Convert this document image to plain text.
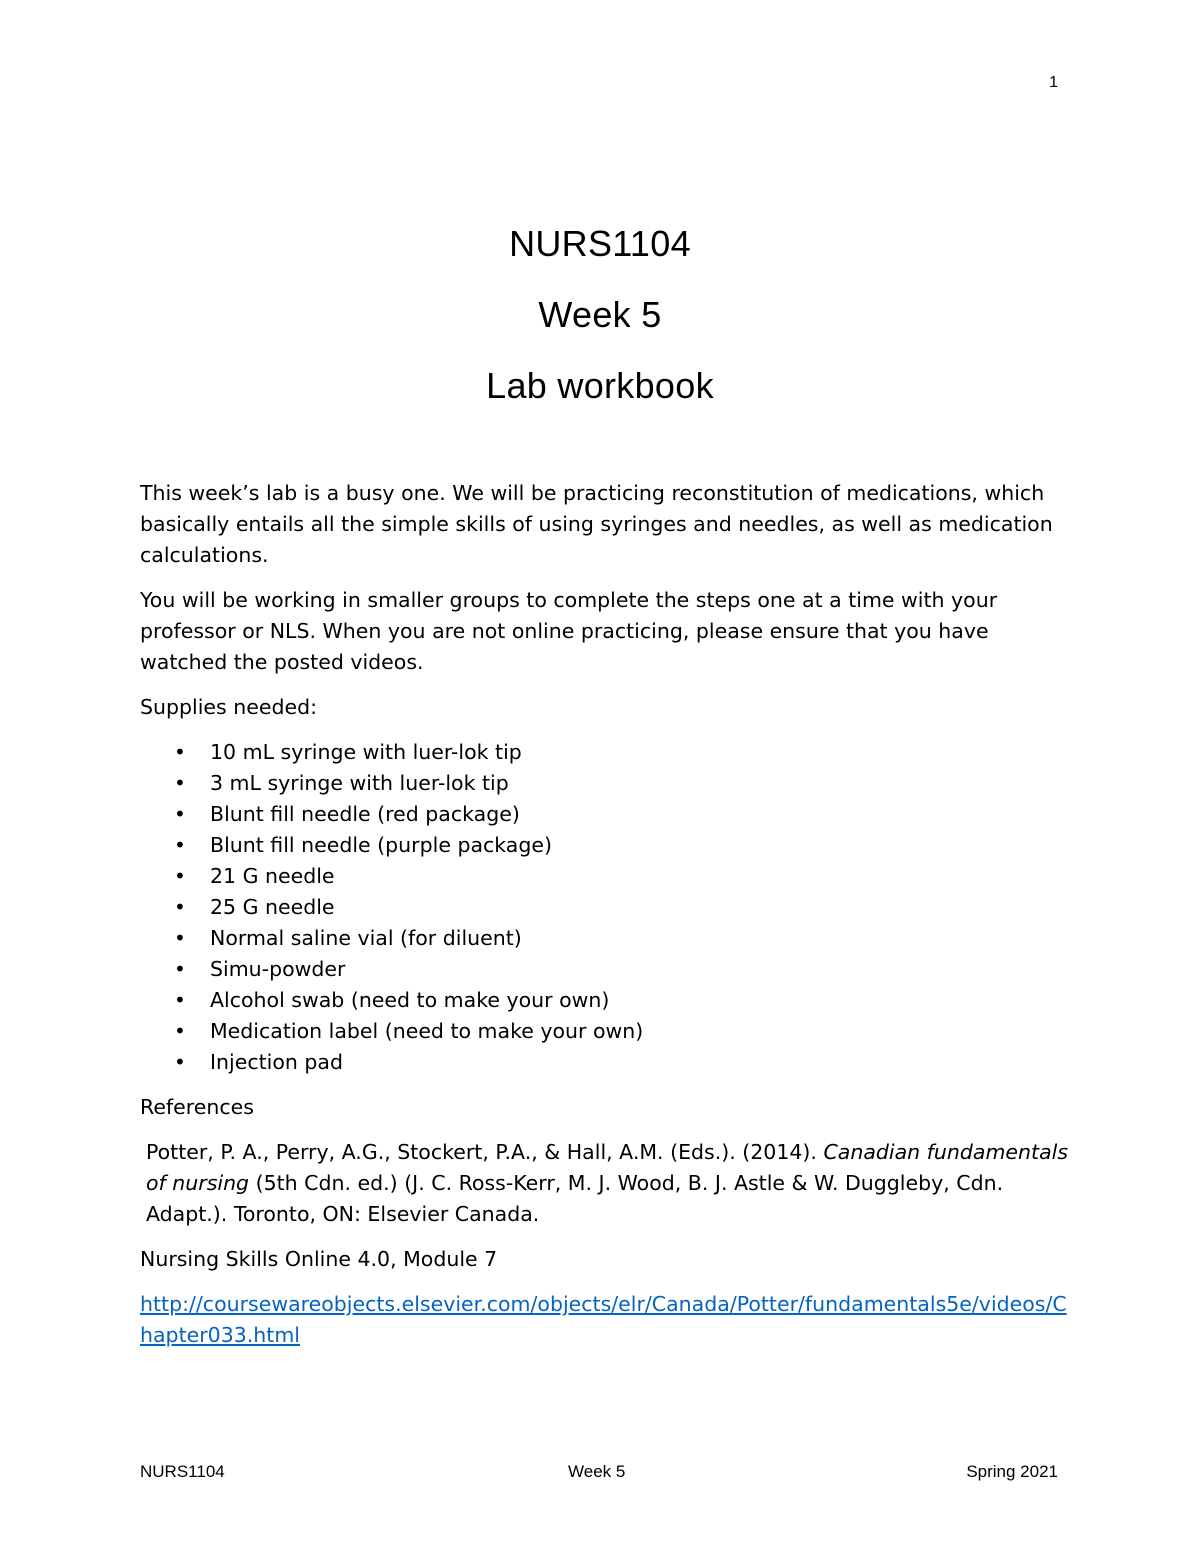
1
NURS1104
Week 5
Lab workbook

This week’s lab is a busy one. We will be practicing reconstitution of medications, which basically entails all the simple skills of using syringes and needles, as well as medication calculations.

You will be working in smaller groups to complete the steps one at a time with your professor or NLS. When you are not online practicing, please ensure that you have watched the posted videos.

Supplies needed:

• 10 mL syringe with luer-lok tip
• 3 mL syringe with luer-lok tip
• Blunt fill needle (red package)
• Blunt fill needle (purple package)
• 21 G needle
• 25 G needle
• Normal saline vial (for diluent)
• Simu-powder
• Alcohol swab (need to make your own)
• Medication label (need to make your own)
• Injection pad

References

Potter, P. A., Perry, A.G., Stockert, P.A., & Hall, A.M. (Eds.). (2014). Canadian fundamentals of nursing (5th Cdn. ed.) (J. C. Ross-Kerr, M. J. Wood, B. J. Astle & W. Duggleby, Cdn. Adapt.). Toronto, ON: Elsevier Canada.

Nursing Skills Online 4.0, Module 7

http://coursewareobjects.elsevier.com/objects/elr/Canada/Potter/fundamentals5e/videos/Chapter033.html

NURS1104	Week 5	Spring 2021
